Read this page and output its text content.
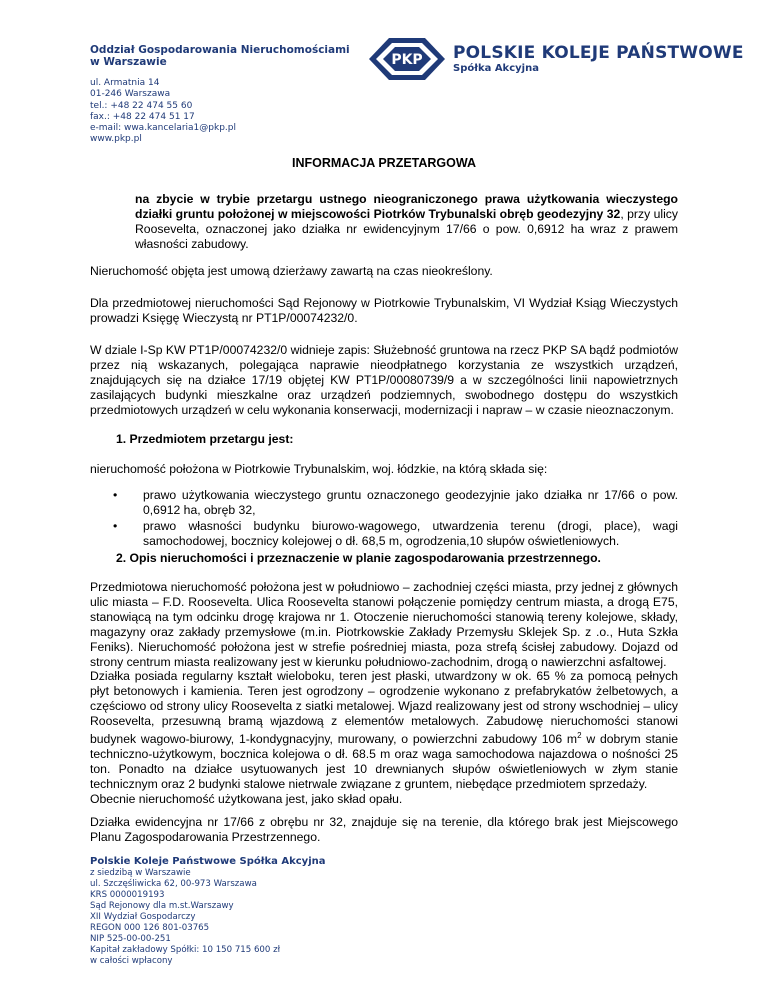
Oddział Gospodarowania Nieruchomościami
w Warszawie
ul. Armatnia 14
01-246 Warszawa
tel.: +48 22 474 55 60
fax.: +48 22 474 51 17
e-mail: wwa.kancelaria1@pkp.pl
www.pkp.pl
PKP POLSKIE KOLEJE PAŃSTWOWE
Spółka Akcyjna
INFORMACJA PRZETARGOWA

na zbycie w trybie przetargu ustnego nieograniczonego prawa użytkowania wieczystego działki gruntu położonej w miejscowości Piotrków Trybunalski obręb geodezyjny 32, przy ulicy Roosevelta, oznaczonej jako działka nr ewidencyjnym 17/66 o pow. 0,6912 ha wraz z prawem własności zabudowy.

Nieruchomość objęta jest umową dzierżawy zawartą na czas nieokreślony.

Dla przedmiotowej nieruchomości Sąd Rejonowy w Piotrkowie Trybunalskim, VI Wydział Ksiąg Wieczystych prowadzi Księgę Wieczystą nr PT1P/00074232/0.

W dziale I-Sp KW PT1P/00074232/0 widnieje zapis: Służebność gruntowa na rzecz PKP SA bądź podmiotów przez nią wskazanych, polegająca naprawie nieodpłatnego korzystania ze wszystkich urządzeń, znajdujących się na działce 17/19 objętej KW PT1P/00080739/9 a w szczególności linii napowietrznych zasilających budynki mieszkalne oraz urządzeń podziemnych, swobodnego dostępu do wszystkich przedmiotowych urządzeń w celu wykonania konserwacji, modernizacji i napraw – w czasie nieoznaczonym.

1. Przedmiotem przetargu jest:

nieruchomość położona w Piotrkowie Trybunalskim, woj. łódzkie, na którą składa się:

• prawo użytkowania wieczystego gruntu oznaczonego geodezyjnie jako działka nr 17/66 o pow. 0,6912 ha, obręb 32,
• prawo własności budynku biurowo-wagowego, utwardzenia terenu (drogi, place), wagi samochodowej, bocznicy kolejowej o dł. 68,5 m, ogrodzenia,10 słupów oświetleniowych.
2. Opis nieruchomości i przeznaczenie w planie zagospodarowania przestrzennego.

Przedmiotowa nieruchomość położona jest w południowo – zachodniej części miasta, przy jednej z głównych ulic miasta – F.D. Roosevelta. Ulica Roosevelta stanowi połączenie pomiędzy centrum miasta, a drogą E75, stanowiącą na tym odcinku drogę krajowa nr 1. Otoczenie nieruchomości stanowią tereny kolejowe, składy, magazyny oraz zakłady przemysłowe (m.in. Piotrkowskie Zakłady Przemysłu Sklejek Sp. z .o., Huta Szkła Feniks). Nieruchomość położona jest w strefie pośredniej miasta, poza strefą ścisłej zabudowy. Dojazd od strony centrum miasta realizowany jest w kierunku południowo-zachodnim, drogą o nawierzchni asfaltowej.

Działka posiada regularny kształt wieloboku, teren jest płaski, utwardzony w ok. 65 % za pomocą pełnych płyt betonowych i kamienia. Teren jest ogrodzony – ogrodzenie wykonano z prefabrykatów żelbetowych, a częściowo od strony ulicy Roosevelta z siatki metalowej. Wjazd realizowany jest od strony wschodniej – ulicy Roosevelta, przesuwną bramą wjazdową z elementów metalowych. Zabudowę nieruchomości stanowi budynek wagowo-biurowy, 1-kondygnacyjny, murowany, o powierzchni zabudowy 106 $m^2$ w dobrym stanie techniczno-użytkowym, bocznica kolejowa o dł. 68.5 m oraz waga samochodowa najazdowa o nośności 25 ton. Ponadto na działce usytuowanych jest 10 drewnianych słupów oświetleniowych w złym stanie technicznym oraz 2 budynki stalowe nietrwale związane z gruntem, niebędące przedmiotem sprzedaży.

Obecnie nieruchomość użytkowana jest, jako skład opału.

Działka ewidencyjna nr 17/66 z obrębu nr 32, znajduje się na terenie, dla którego brak jest Miejscowego Planu Zagospodarowania Przestrzennego.

Polskie Koleje Państwowe Spółka Akcyjna
z siedzibą w Warszawie
ul. Szczęśliwicka 62, 00-973 Warszawa
KRS 0000019193
Sąd Rejonowy dla m.st.Warszawy
XII Wydział Gospodarczy
REGON 000 126 801-03765
NIP 525-00-00-251
Kapitał zakładowy Spółki: 10 150 715 600 zł
w całości wpłacony
